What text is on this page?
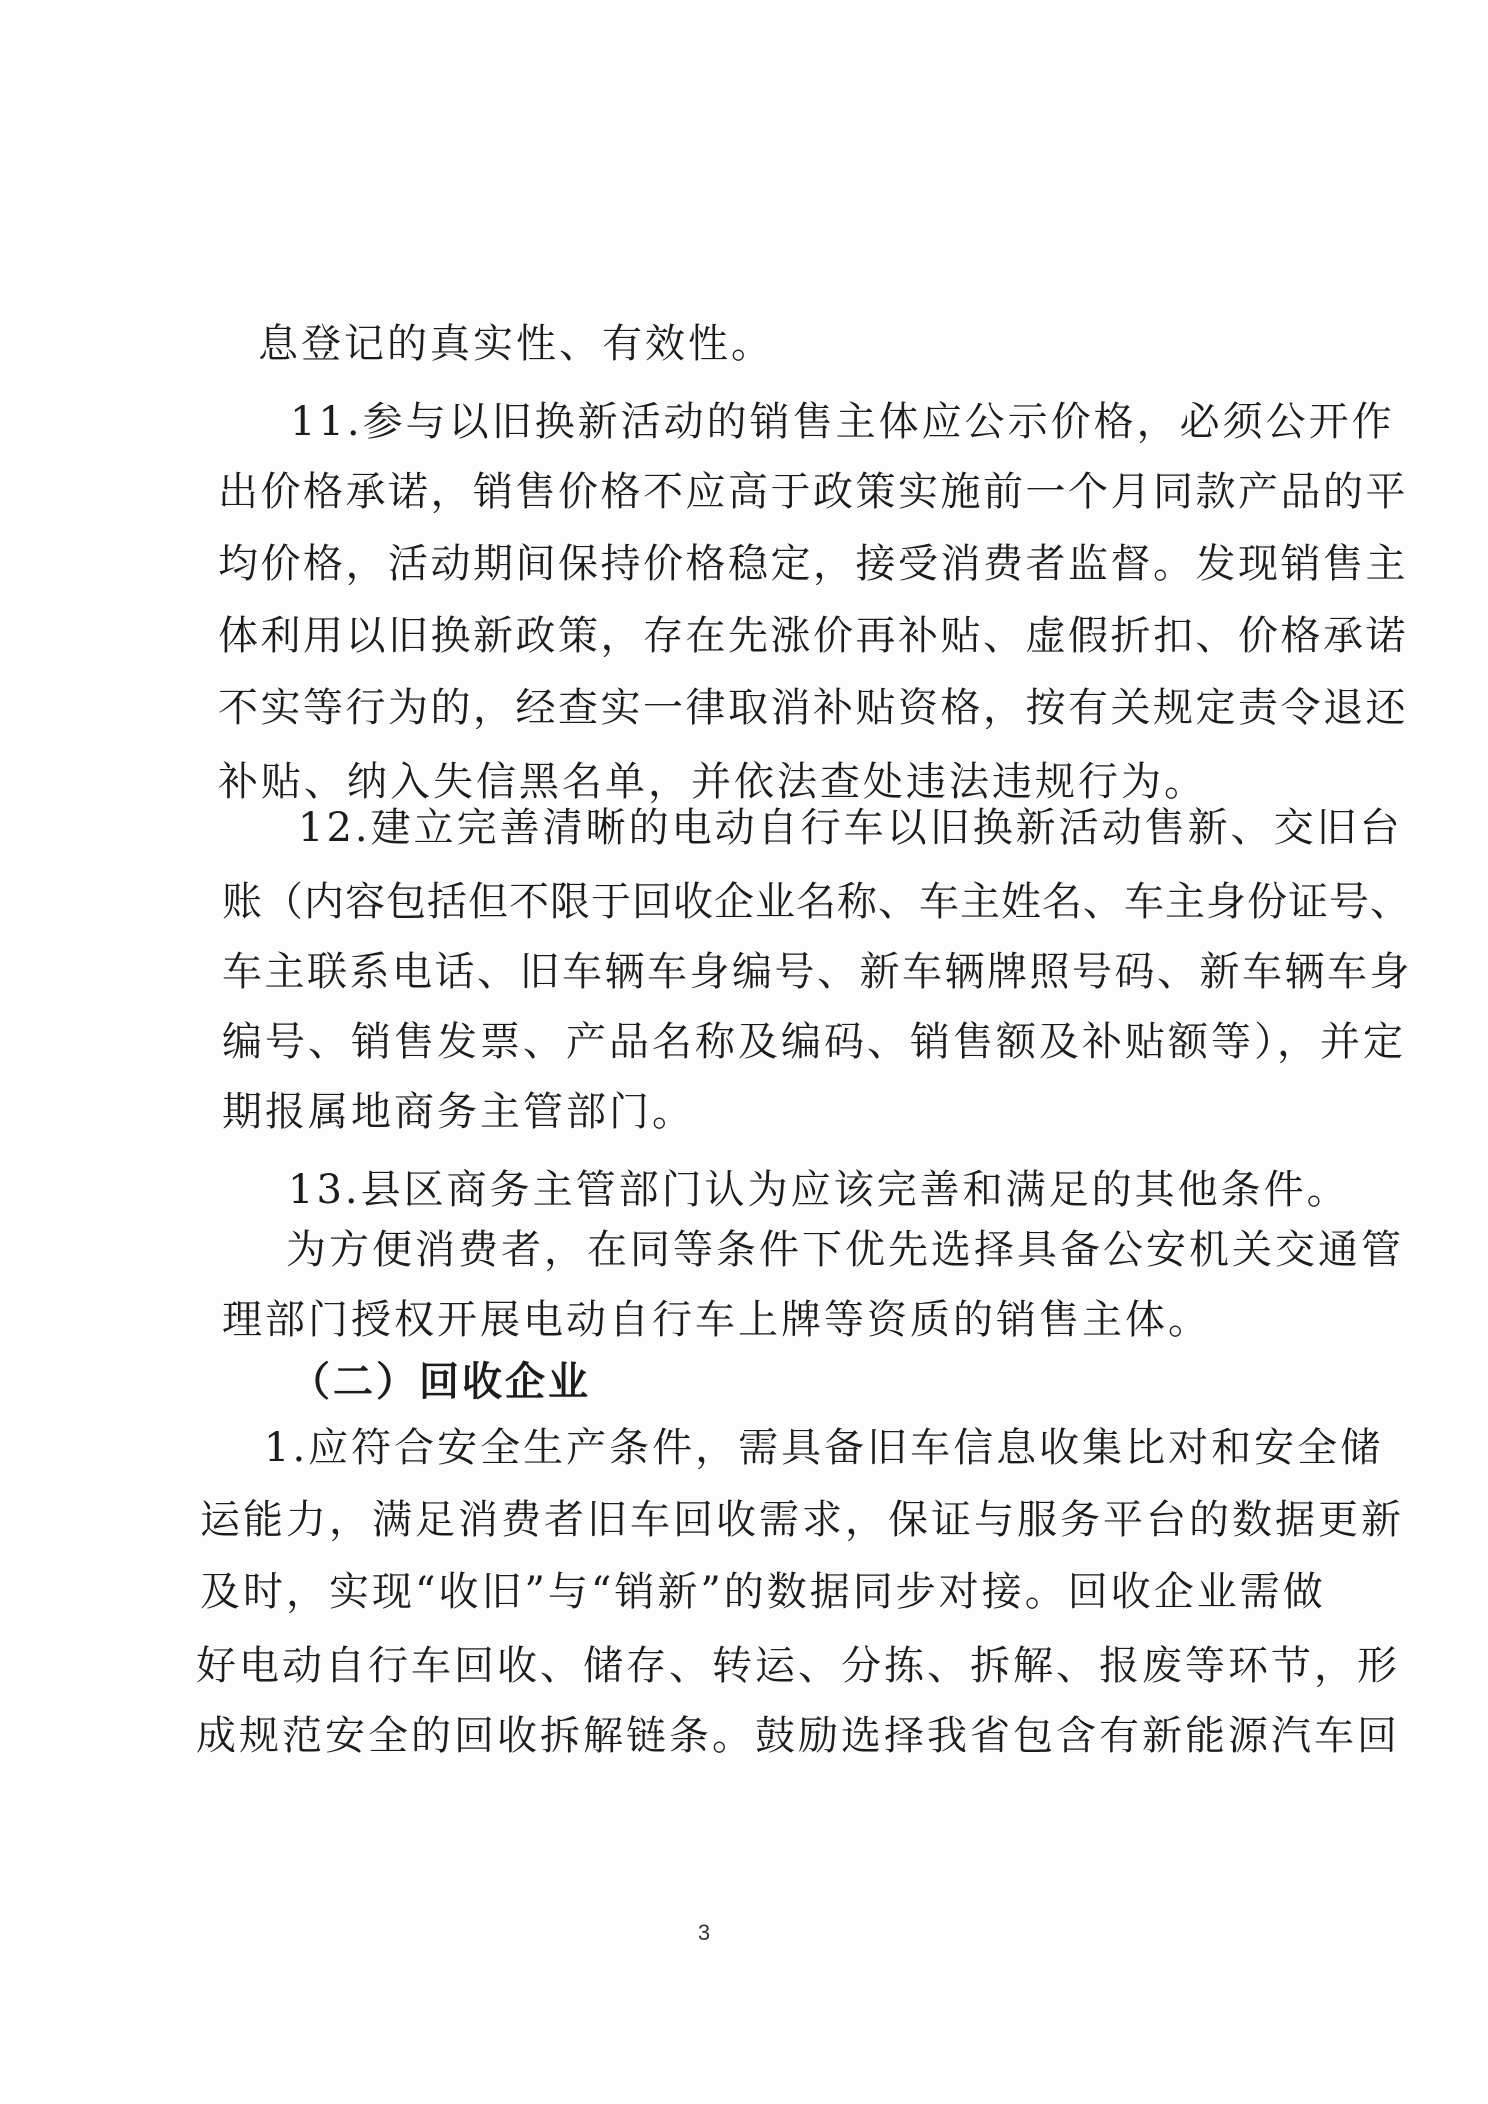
息登记的真实性、有效性。
11.参与以旧换新活动的销售主体应公示价格，必须公开作
出价格承诺，销售价格不应高于政策实施前一个月同款产品的平
均价格，活动期间保持价格稳定，接受消费者监督。发现销售主
体利用以旧换新政策，存在先涨价再补贴、虚假折扣、价格承诺
不实等行为的，经查实一律取消补贴资格，按有关规定责令退还
补贴、纳入失信黑名单，并依法查处违法违规行为。
12.建立完善清晰的电动自行车以旧换新活动售新、交旧台
账（内容包括但不限于回收企业名称、车主姓名、车主身份证号、
车主联系电话、旧车辆车身编号、新车辆牌照号码、新车辆车身
编号、销售发票、产品名称及编码、销售额及补贴额等），并定
期报属地商务主管部门。
13.县区商务主管部门认为应该完善和满足的其他条件。
为方便消费者，在同等条件下优先选择具备公安机关交通管
理部门授权开展电动自行车上牌等资质的销售主体。
（二）回收企业
1.应符合安全生产条件，需具备旧车信息收集比对和安全储
运能力，满足消费者旧车回收需求，保证与服务平台的数据更新
及时，实现“收旧”与“销新”的数据同步对接。回收企业需做
好电动自行车回收、储存、转运、分拣、拆解、报废等环节，形
成规范安全的回收拆解链条。鼓励选择我省包含有新能源汽车回
3
